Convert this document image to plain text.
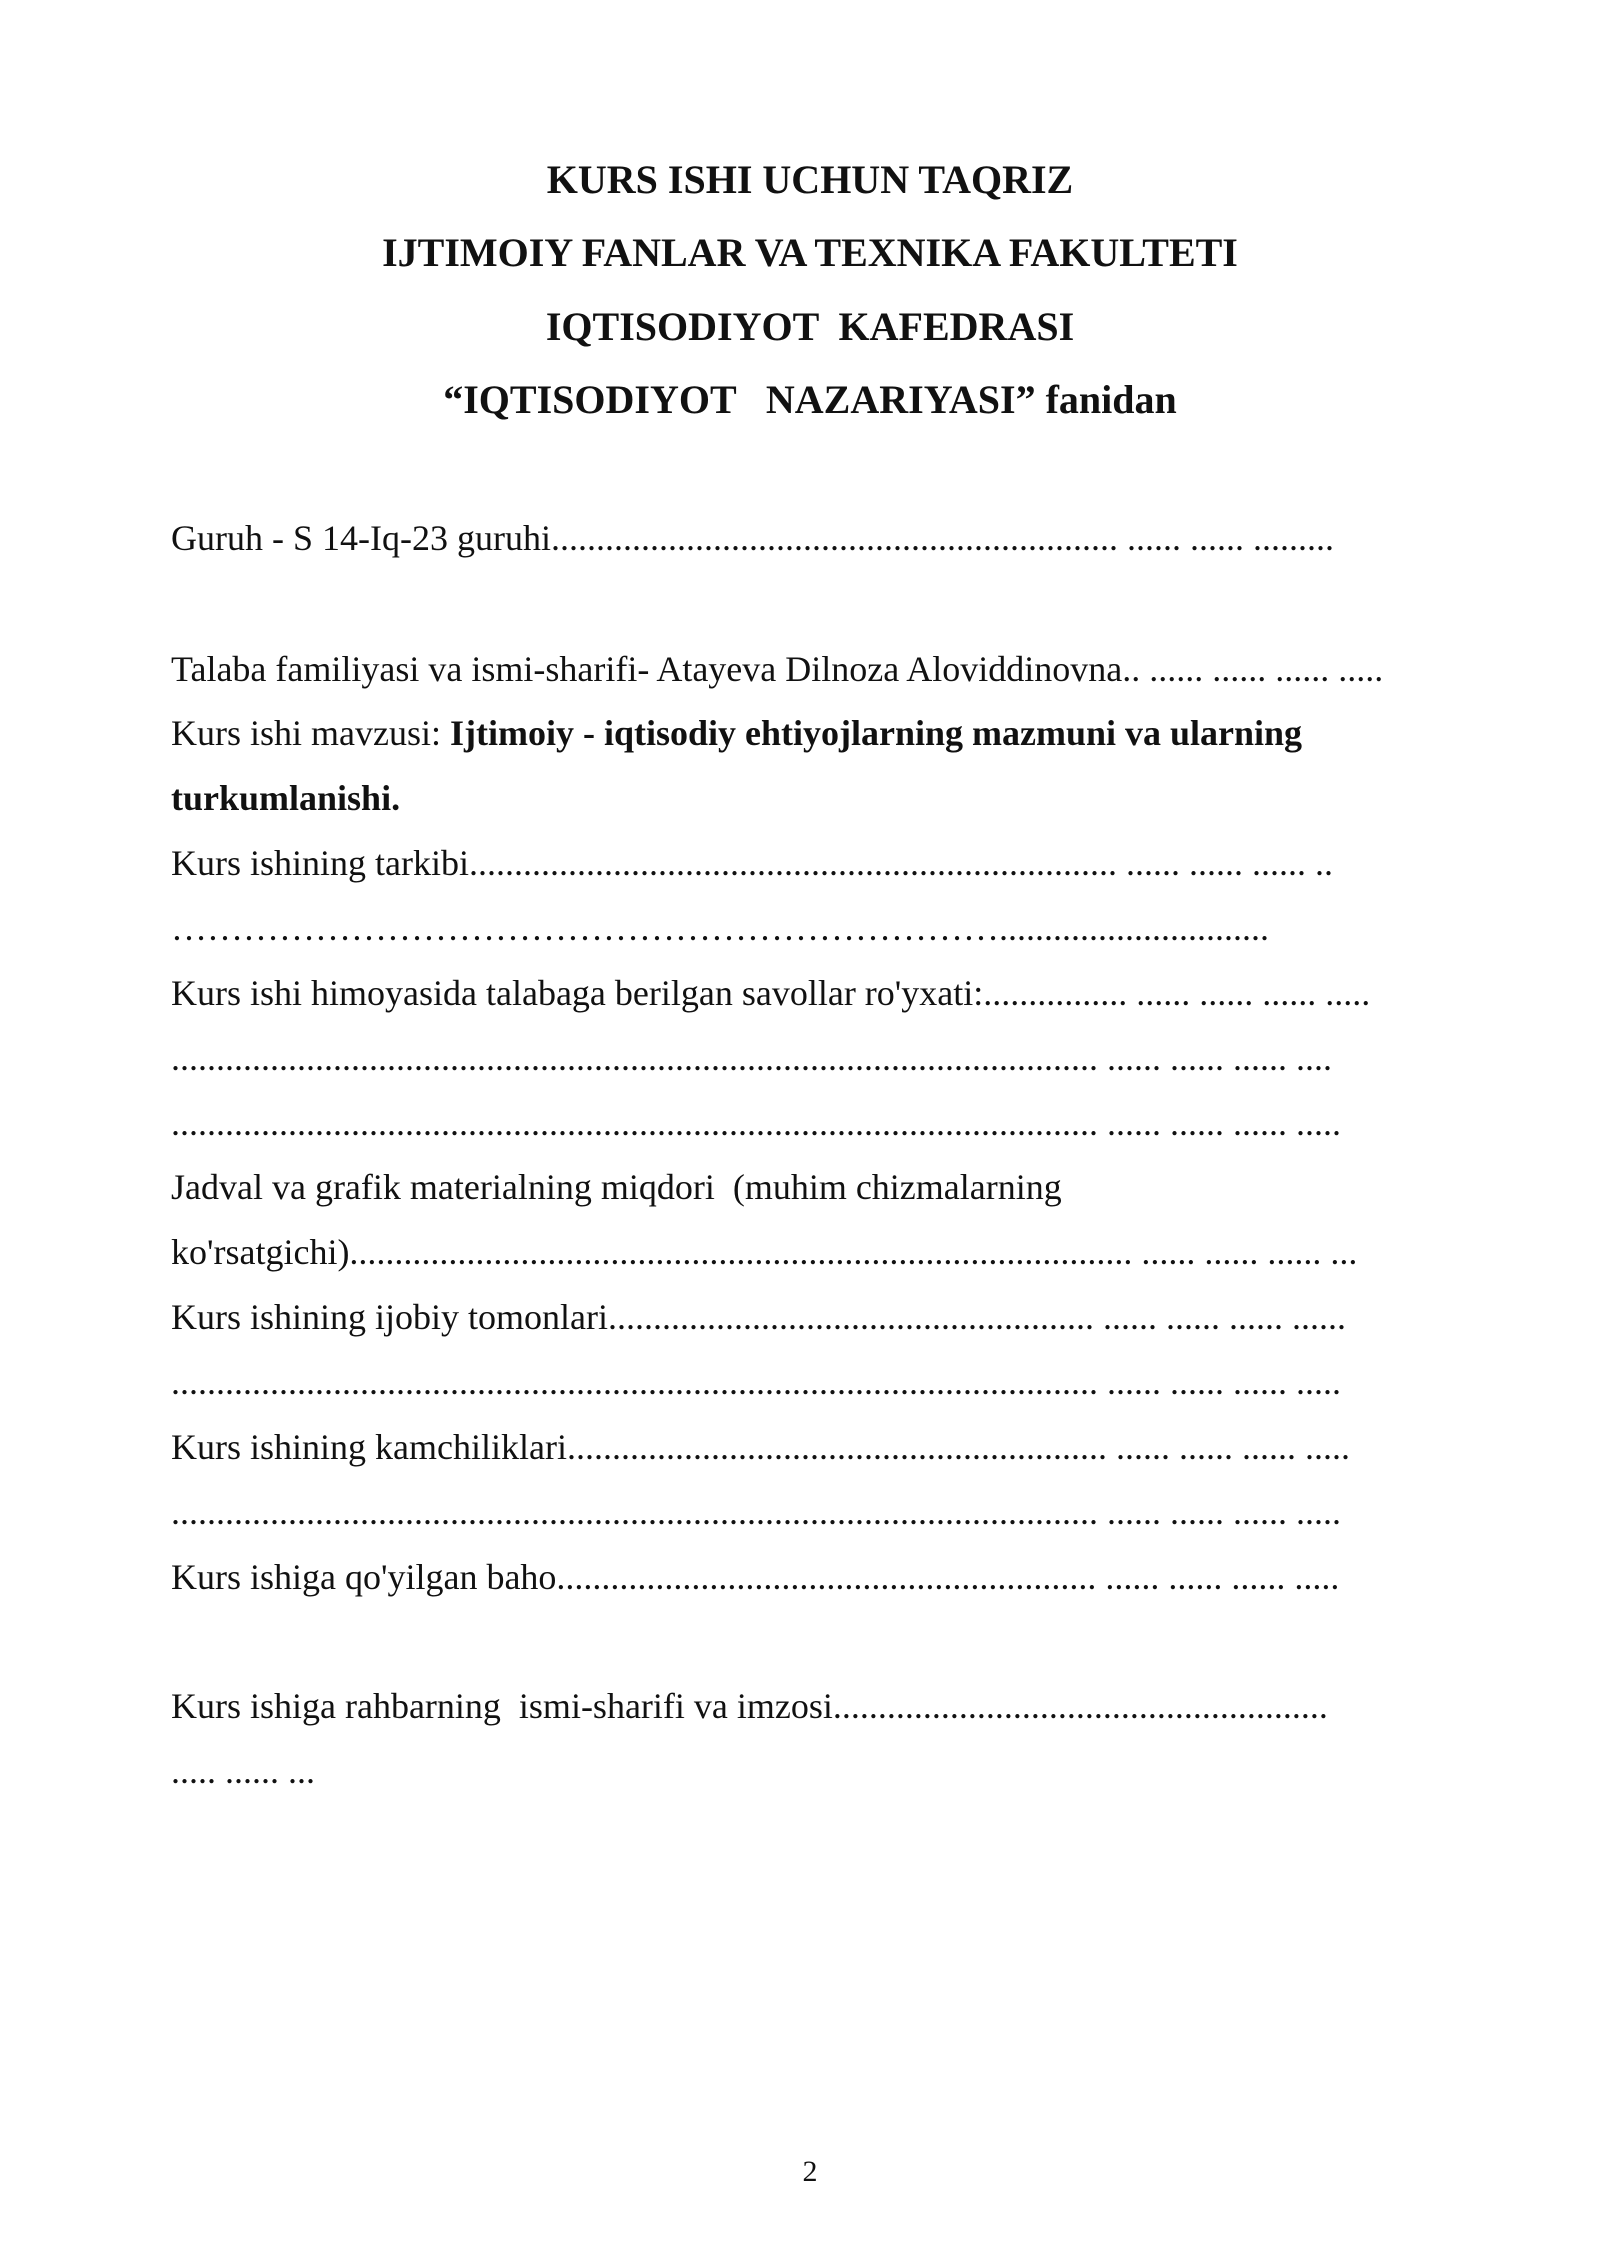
KURS ISHI UCHUN TAQRIZ
IJTIMOIY FANLAR VA TEXNIKA FAKULTETI
IQTISODIYOT  KAFEDRASI
“IQTISODIYOT   NAZARIYASI” fanidan
Guruh - S 14-Iq-23 guruhi............................................................... ...... ...... .........
Talaba familiyasi va ismi-sharifi- Atayeva Dilnoza Aloviddinovna.. ...... ...... ...... .....
Kurs ishi mavzusi: Ijtimoiy - iqtisodiy ehtiyojlarning mazmuni va ularning
turkumlanishi.
Kurs ishining tarkibi........................................................................ ...... ...... ...... ..
……………………………………………………………..............................
Kurs ishi himoyasida talabaga berilgan savollar ro'yxati:................ ...... ...... ...... .....
....................................................................................................... ...... ...... ...... ....
....................................................................................................... ...... ...... ...... .....
Jadval va grafik materialning miqdori  (muhim chizmalarning
ko'rsatgichi)....................................................................................... ...... ...... ...... ...
Kurs ishining ijobiy tomonlari...................................................... ...... ...... ...... ......
....................................................................................................... ...... ...... ...... .....
Kurs ishining kamchiliklari............................................................ ...... ...... ...... .....
....................................................................................................... ...... ...... ...... .....
Kurs ishiga qo'yilgan baho............................................................ ...... ...... ...... .....
Kurs ishiga rahbarning  ismi-sharifi va imzosi.......................................................
..... ...... ...
2
